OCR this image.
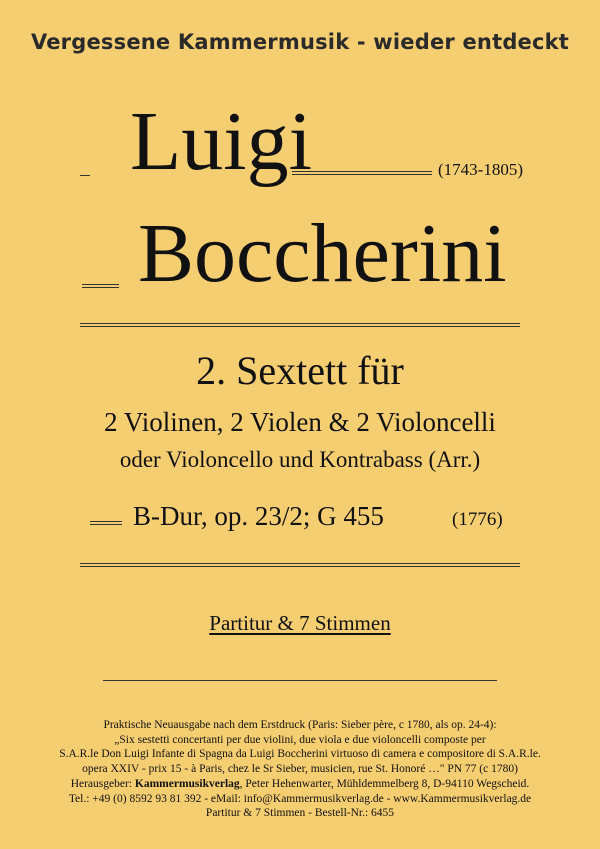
Vergessene Kammermusik - wieder entdeckt
Luigi	(1743-1805)
Boccherini
2. Sextett für
2 Violinen, 2 Violen & 2 Violoncelli
oder Violoncello und Kontrabass (Arr.)
B-Dur, op. 23/2; G 455	(1776)
Partitur & 7 Stimmen
Praktische Neuausgabe nach dem Erstdruck (Paris: Sieber père, c 1780, als op. 24-4):
„Six sestetti concertanti per due violini, due viola e due violoncelli composte per
S.A.R.le Don Luigi Infante di Spagna da Luigi Boccherini virtuoso di camera e compositore di S.A.R.le.
opera XXIV - prix 15 - à Paris, chez le Sr Sieber, musicien, rue St. Honoré …" PN 77 (c 1780)
Herausgeber: Kammermusikverlag, Peter Hehenwarter, Mühldemmelberg 8, D-94110 Wegscheid.
Tel.: +49 (0) 8592 93 81 392 - eMail: info@Kammermusikverlag.de - www.Kammermusikverlag.de
Partitur & 7 Stimmen - Bestell-Nr.: 6455
